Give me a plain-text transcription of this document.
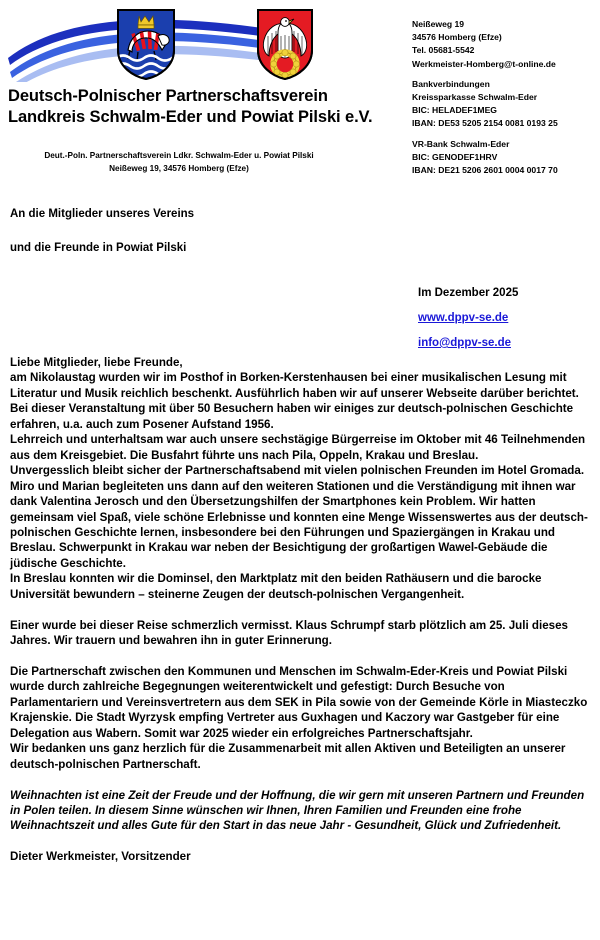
Deutsch-Polnischer Partnerschaftsverein
Landkreis Schwalm-Eder und Powiat Pilski e.V.
Deut.-Poln. Partnerschaftsverein Ldkr. Schwalm-Eder u. Powiat Pilski
Neißeweg 19, 34576 Homberg (Efze)
Neißeweg 19
34576 Homberg (Efze)
Tel. 05681-5542
Werkmeister-Homberg@t-online.de
Bankverbindungen
Kreissparkasse Schwalm-Eder
BIC: HELADEF1MEG
IBAN: DE53 5205 2154 0081 0193 25
VR-Bank Schwalm-Eder
BIC: GENODEF1HRV
IBAN: DE21 5206 2601 0004 0017 70
An die Mitglieder unseres Vereins
und die Freunde in Powiat Pilski
Im Dezember 2025
www.dppv-se.de
info@dppv-se.de

Liebe Mitglieder, liebe Freunde,

am Nikolaustag wurden wir im Posthof in Borken-Kerstenhausen bei einer musikalischen Lesung mit Literatur und Musik reichlich beschenkt. Ausführlich haben wir auf unserer Webseite darüber berichtet. Bei dieser Veranstaltung mit über 50 Besuchern haben wir einiges zur deutsch-polnischen Geschichte erfahren, u.a. auch zum Posener Aufstand 1956.

Lehrreich und unterhaltsam war auch unsere sechstägige Bürgerreise im Oktober mit 46 Teilnehmenden aus dem Kreisgebiet. Die Busfahrt führte uns nach Pila, Oppeln, Krakau und Breslau.

Unvergesslich bleibt sicher der Partnerschaftsabend mit vielen polnischen Freunden im Hotel Gromada. Miro und Marian begleiteten uns dann auf den weiteren Stationen und die Verständigung mit ihnen war dank Valentina Jerosch und den Übersetzungshilfen der Smartphones kein Problem. Wir hatten gemeinsam viel Spaß, viele schöne Erlebnisse und konnten eine Menge Wissenswertes aus der deutsch-polnischen Geschichte lernen, insbesondere bei den Führungen und Spaziergängen in Krakau und Breslau. Schwerpunkt in Krakau war neben der Besichtigung der großartigen Wawel-Gebäude die jüdische Geschichte.

In Breslau konnten wir die Dominsel, den Marktplatz mit den beiden Rathäusern und die barocke Universität bewundern – steinerne Zeugen der deutsch-polnischen Vergangenheit.

Einer wurde bei dieser Reise schmerzlich vermisst. Klaus Schrumpf starb plötzlich am 25. Juli dieses Jahres. Wir trauern und bewahren ihn in guter Erinnerung.

Die Partnerschaft zwischen den Kommunen und Menschen im Schwalm-Eder-Kreis und Powiat Pilski wurde durch zahlreiche Begegnungen weiterentwickelt und gefestigt: Durch Besuche von Parlamentariern und Vereinsvertretern aus dem SEK in Pila sowie von der Gemeinde Körle in Miasteczko Krajenskie. Die Stadt Wyrzysk empfing Vertreter aus Guxhagen und Kaczory war Gastgeber für eine Delegation aus Wabern. Somit war 2025 wieder ein erfolgreiches Partnerschaftsjahr.

Wir bedanken uns ganz herzlich für die Zusammenarbeit mit allen Aktiven und Beteiligten an unserer deutsch-polnischen Partnerschaft.

Weihnachten ist eine Zeit der Freude und der Hoffnung, die wir gern mit unseren Partnern und Freunden in Polen teilen. In diesem Sinne wünschen wir Ihnen, Ihren Familien und Freunden eine frohe Weihnachtszeit und alles Gute für den Start in das neue Jahr - Gesundheit, Glück und Zufriedenheit.

Dieter Werkmeister, Vorsitzender
